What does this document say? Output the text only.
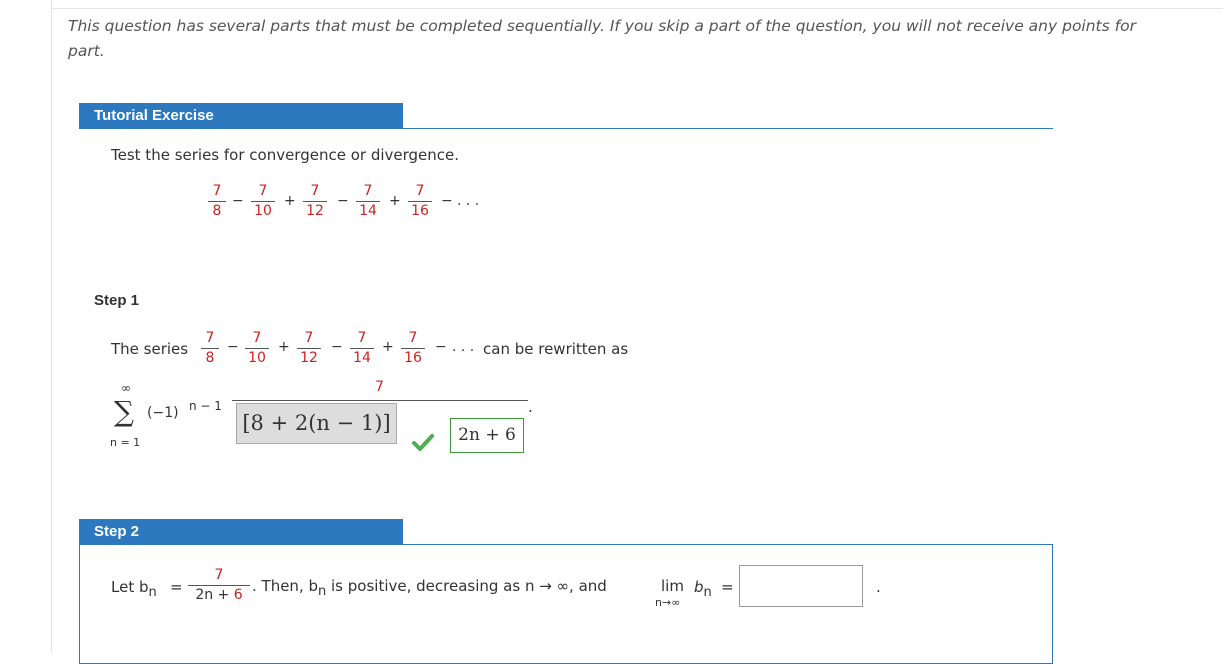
This question has several parts that must be completed sequentially. If you skip a part of the question, you will not receive any points for
part.
Tutorial Exercise
Test the series for convergence or divergence.
7
8
−
7
10
+
7
12
−
7
14
+
7
16
− . . .
Step 1
The series
7
8
−
7
10
+
7
12
−
7
14
+
7
16
− . . . can be rewritten as
∞
∑
n = 1
(−1) n − 1
7
[8 + 2(n − 1)]	2n + 6
.
Step 2
Let $b_n$ =
7
2n + 6 . Then, $b_n$ is positive, decreasing as n → ∞, and	lim
n→∞
$b_n$ =	.
